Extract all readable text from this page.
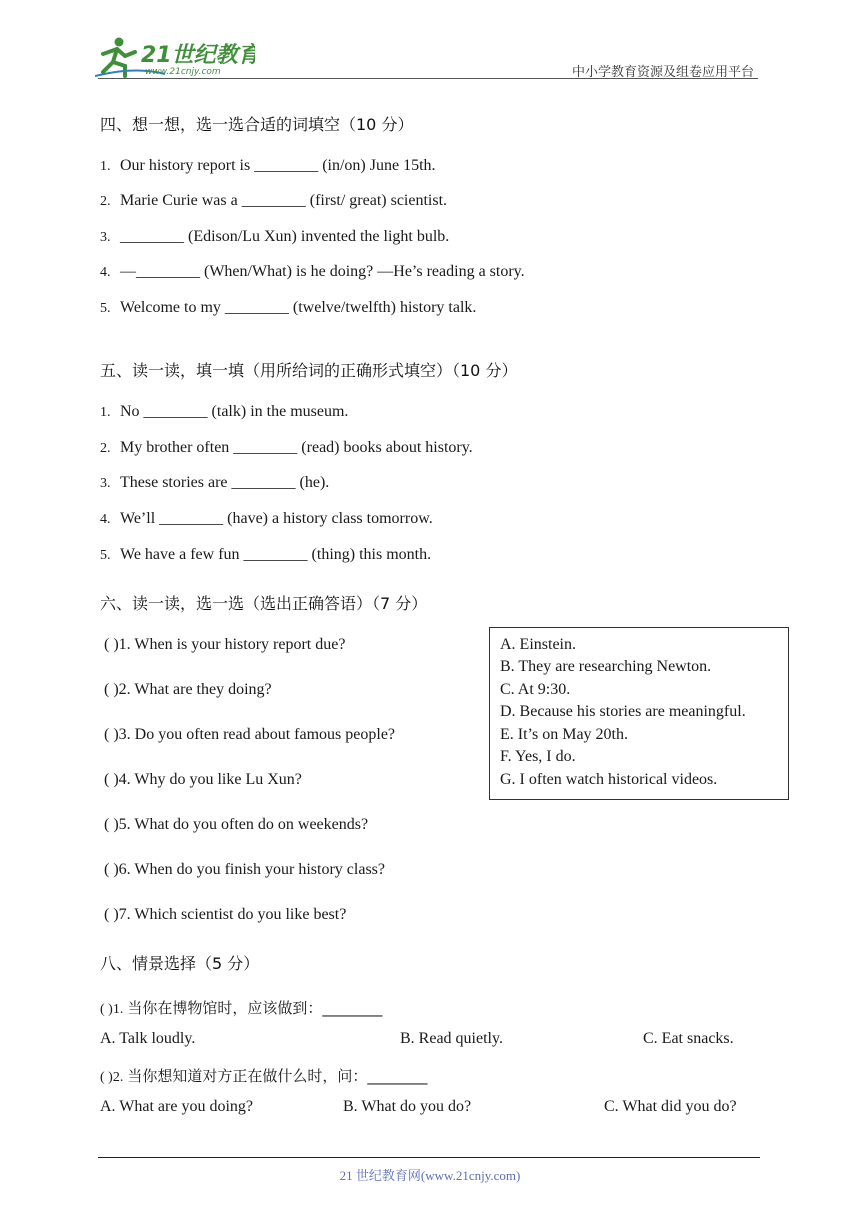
21世纪教育
www.21cnjy.com	中小学教育资源及组卷应用平台
四、想一想，选一选合适的词填空（10 分）
1. Our history report is ________ (in/on) June 15th.
2. Marie Curie was a ________ (first/ great) scientist.
3. ________ (Edison/Lu Xun) invented the light bulb.
4. —________ (When/What) is he doing? —He’s reading a story.
5. Welcome to my ________ (twelve/twelfth) history talk.
五、读一读，填一填（用所给词的正确形式填空）（10 分）
1. No ________ (talk) in the museum.
2. My brother often ________ (read) books about history.
3. These stories are ________ (he).
4. We’ll ________ (have) a history class tomorrow.
5. We have a few fun ________ (thing) this month.
六、读一读，选一选（选出正确答语）（7 分）
( )1. When is your history report due?
( )2. What are they doing?
( )3. Do you often read about famous people?
( )4. Why do you like Lu Xun?
( )5. What do you often do on weekends?
( )6. When do you finish your history class?
( )7. Which scientist do you like best?
A. Einstein.
B. They are researching Newton.
C. At 9:30.
D. Because his stories are meaningful.
E. It’s on May 20th.
F. Yes, I do.
G. I often watch historical videos.
八、情景选择（5 分）
( )1. 当你在博物馆时，应该做到：________
A. Talk loudly.	B. Read quietly.	C. Eat snacks.
( )2. 当你想知道对方正在做什么时，问：________
A. What are you doing?	B. What do you do?	C. What did you do?
21 世纪教育网(www.21cnjy.com)
